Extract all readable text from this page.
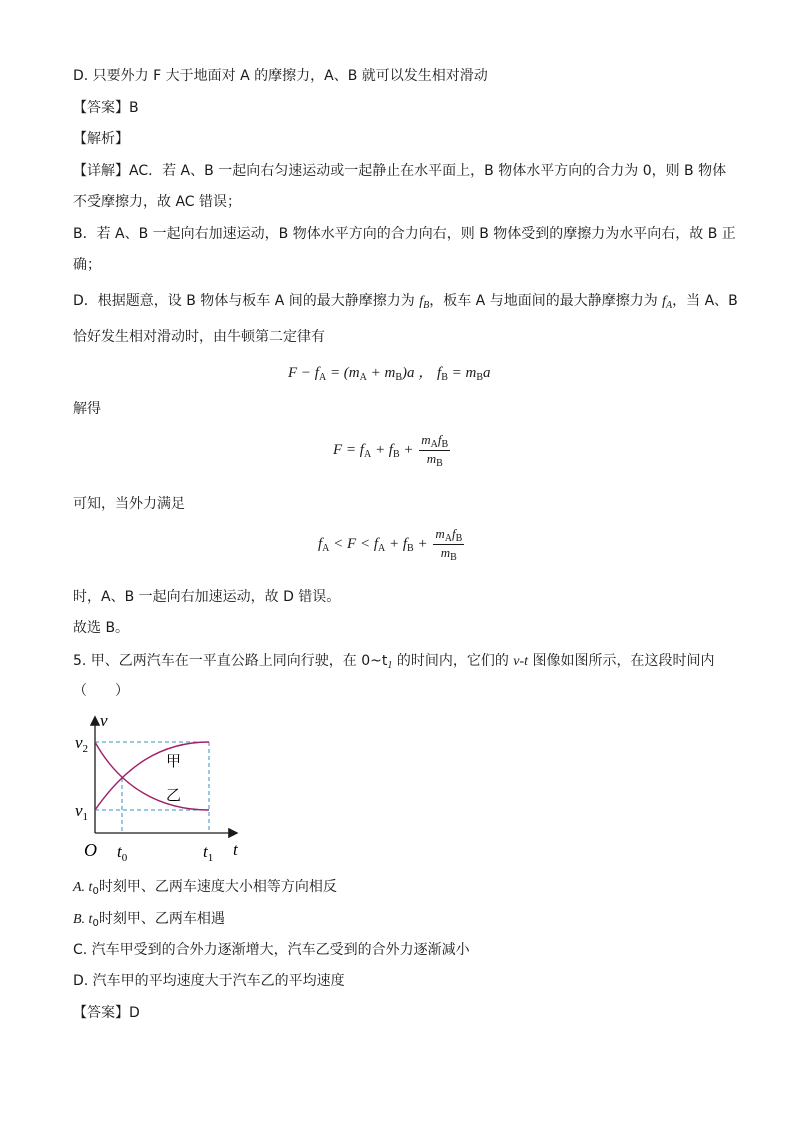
D. 只要外力 F 大于地面对 A 的摩擦力，A、B 就可以发生相对滑动
【答案】B
【解析】
【详解】AC．若 A、B 一起向右匀速运动或一起静止在水平面上，B 物体水平方向的合力为 0，则 B 物体
不受摩擦力，故 AC 错误；
B．若 A、B 一起向右加速运动，B 物体水平方向的合力向右，则 B 物体受到的摩擦力为水平向右，故 B 正
确；
D．根据题意，设 B 物体与板车 A 间的最大静摩擦力为 $f_B$，板车 A 与地面间的最大静摩擦力为 $f_A$，当 A、B
恰好发生相对滑动时，由牛顿第二定律有
$F - f_A = (m_A + m_B)a$ ， $f_B = m_Ba$
解得
$F = f_A + f_B + \frac{m_Af_B}{m_B}$
可知，当外力满足
$f_A < F < f_A + f_B + \frac{m_Af_B}{m_B}$
时，A、B 一起向右加速运动，故 D 错误。
故选 B。
5. 甲、乙两汽车在一平直公路上同向行驶，在 $0\sim t_1$ 的时间内，它们的 v-t 图像如图所示，在这段时间内
（　　）
v
t
O
$v_2$
$v_1$
$t_0$	$t_1$
甲
乙
A. $t_0$时刻甲、乙两车速度大小相等方向相反
B. $t_0$时刻甲、乙两车相遇
C. 汽车甲受到的合外力逐渐增大，汽车乙受到的合外力逐渐减小
D. 汽车甲的平均速度大于汽车乙的平均速度
【答案】D
